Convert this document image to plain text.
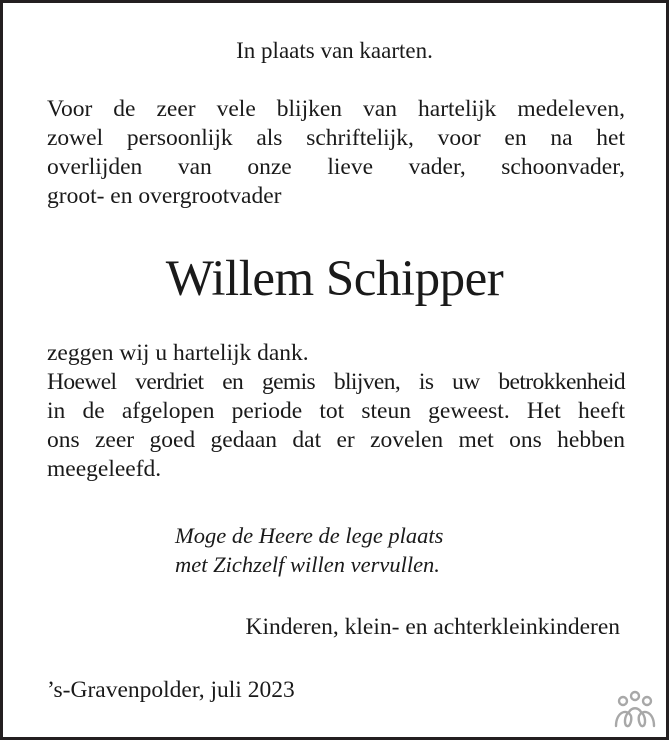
In plaats van kaarten.
Voor de zeer vele blijken van hartelijk medeleven,
zowel persoonlijk als schriftelijk, voor en na het
overlijden van onze lieve vader, schoonvader,
groot- en overgrootvader
Willem Schipper
zeggen wij u hartelijk dank.
Hoewel verdriet en gemis blijven, is uw betrokkenheid
in de afgelopen periode tot steun geweest. Het heeft
ons zeer goed gedaan dat er zovelen met ons hebben
meegeleefd.
Moge de Heere de lege plaats
met Zichzelf willen vervullen.
Kinderen, klein- en achterkleinkinderen
’s-Gravenpolder, juli 2023
